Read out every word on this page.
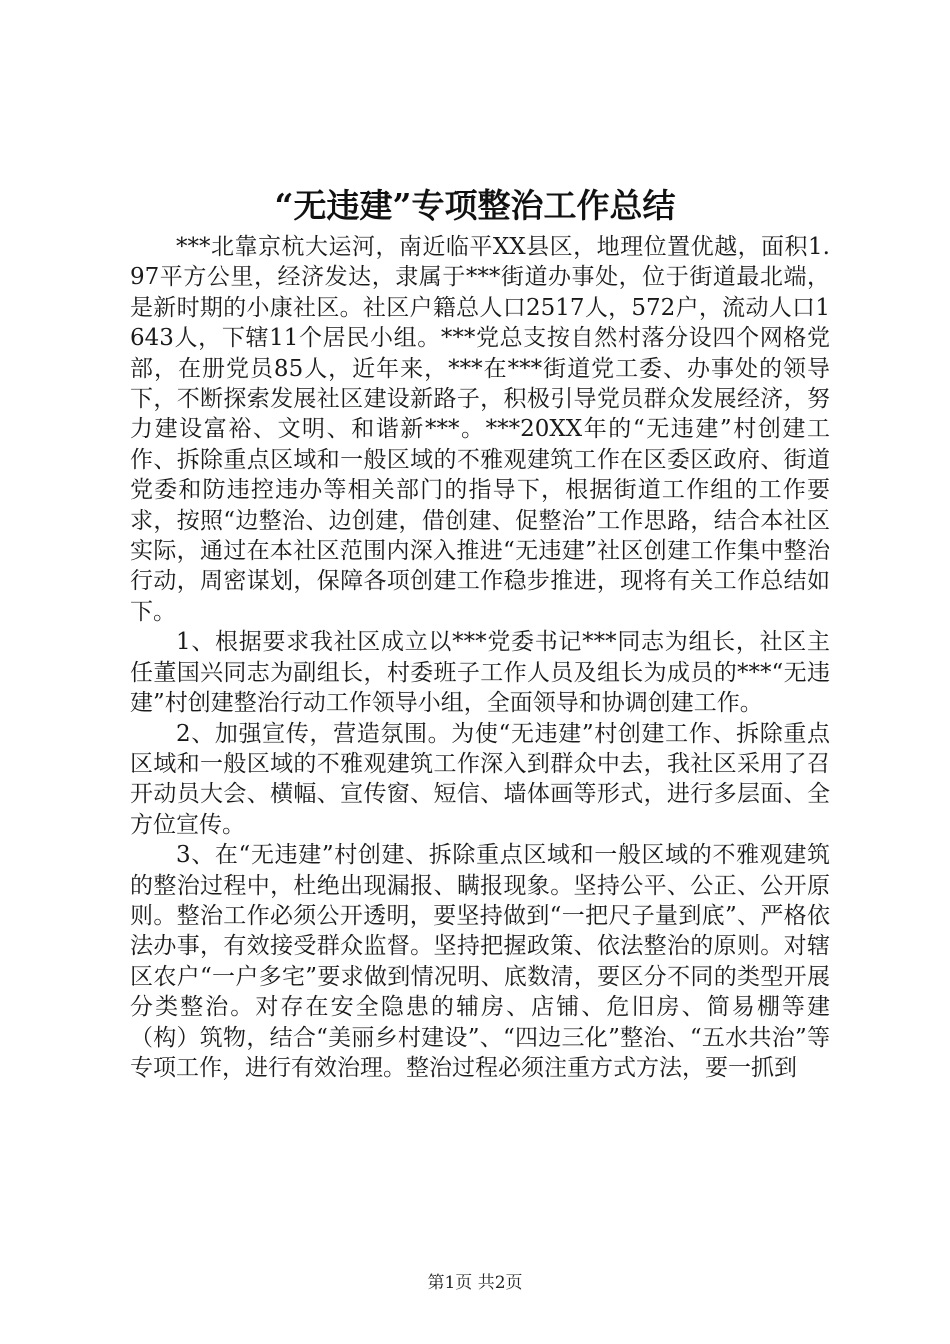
“无违建”专项整治工作总结

***北靠京杭大运河，南近临平XX县区，地理位置优越，面积1.97平方公里，经济发达，隶属于***街道办事处，位于街道最北端，是新时期的小康社区。社区户籍总人口2517人，572户，流动人口1643人，下辖11个居民小组。***党总支按自然村落分设四个网格党部，在册党员85人，近年来，***在***街道党工委、办事处的领导下，不断探索发展社区建设新路子，积极引导党员群众发展经济，努力建设富裕、文明、和谐新***。***20XX年的“无违建”村创建工作、拆除重点区域和一般区域的不雅观建筑工作在区委区政府、街道党委和防违控违办等相关部门的指导下，根据街道工作组的工作要求，按照“边整治、边创建，借创建、促整治”工作思路，结合本社区实际，通过在本社区范围内深入推进“无违建”社区创建工作集中整治行动，周密谋划，保障各项创建工作稳步推进，现将有关工作总结如下。

1、根据要求我社区成立以***党委书记***同志为组长，社区主任董国兴同志为副组长，村委班子工作人员及组长为成员的***“无违建”村创建整治行动工作领导小组，全面领导和协调创建工作。

2、加强宣传，营造氛围。为使“无违建”村创建工作、拆除重点区域和一般区域的不雅观建筑工作深入到群众中去，我社区采用了召开动员大会、横幅、宣传窗、短信、墙体画等形式，进行多层面、全方位宣传。

3、在“无违建”村创建、拆除重点区域和一般区域的不雅观建筑的整治过程中，杜绝出现漏报、瞒报现象。坚持公平、公正、公开原则。整治工作必须公开透明，要坚持做到“一把尺子量到底”、严格依法办事，有效接受群众监督。坚持把握政策、依法整治的原则。对辖区农户“一户多宅”要求做到情况明、底数清，要区分不同的类型开展分类整治。对存在安全隐患的辅房、店铺、危旧房、简易棚等建（构）筑物，结合“美丽乡村建设”、“四边三化”整治、“五水共治”等专项工作，进行有效治理。整治过程必须注重方式方法，要一抓到

第1页 共2页
